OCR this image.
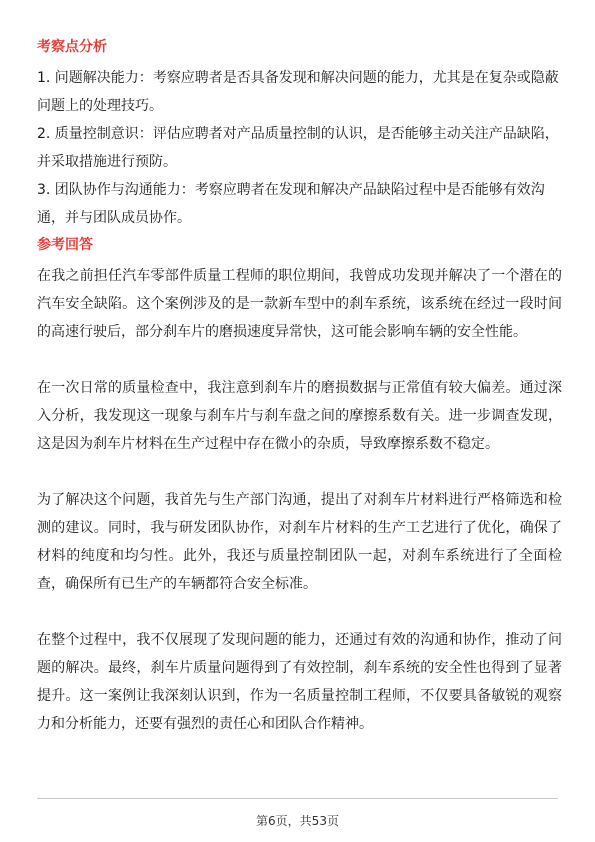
考察点分析

1. 问题解决能力：考察应聘者是否具备发现和解决问题的能力，尤其是在复杂或隐蔽问题上的处理技巧。

2. 质量控制意识：评估应聘者对产品质量控制的认识，是否能够主动关注产品缺陷，并采取措施进行预防。

3. 团队协作与沟通能力：考察应聘者在发现和解决产品缺陷过程中是否能够有效沟通，并与团队成员协作。

参考回答

在我之前担任汽车零部件质量工程师的职位期间，我曾成功发现并解决了一个潜在的汽车安全缺陷。这个案例涉及的是一款新车型中的刹车系统，该系统在经过一段时间的高速行驶后，部分刹车片的磨损速度异常快，这可能会影响车辆的安全性能。

在一次日常的质量检查中，我注意到刹车片的磨损数据与正常值有较大偏差。通过深入分析，我发现这一现象与刹车片与刹车盘之间的摩擦系数有关。进一步调查发现，这是因为刹车片材料在生产过程中存在微小的杂质，导致摩擦系数不稳定。

为了解决这个问题，我首先与生产部门沟通，提出了对刹车片材料进行严格筛选和检测的建议。同时，我与研发团队协作，对刹车片材料的生产工艺进行了优化，确保了材料的纯度和均匀性。此外，我还与质量控制团队一起，对刹车系统进行了全面检查，确保所有已生产的车辆都符合安全标准。

在整个过程中，我不仅展现了发现问题的能力，还通过有效的沟通和协作，推动了问题的解决。最终，刹车片质量问题得到了有效控制，刹车系统的安全性也得到了显著提升。这一案例让我深刻认识到，作为一名质量控制工程师，不仅要具备敏锐的观察力和分析能力，还要有强烈的责任心和团队合作精神。

第6页，共53页
